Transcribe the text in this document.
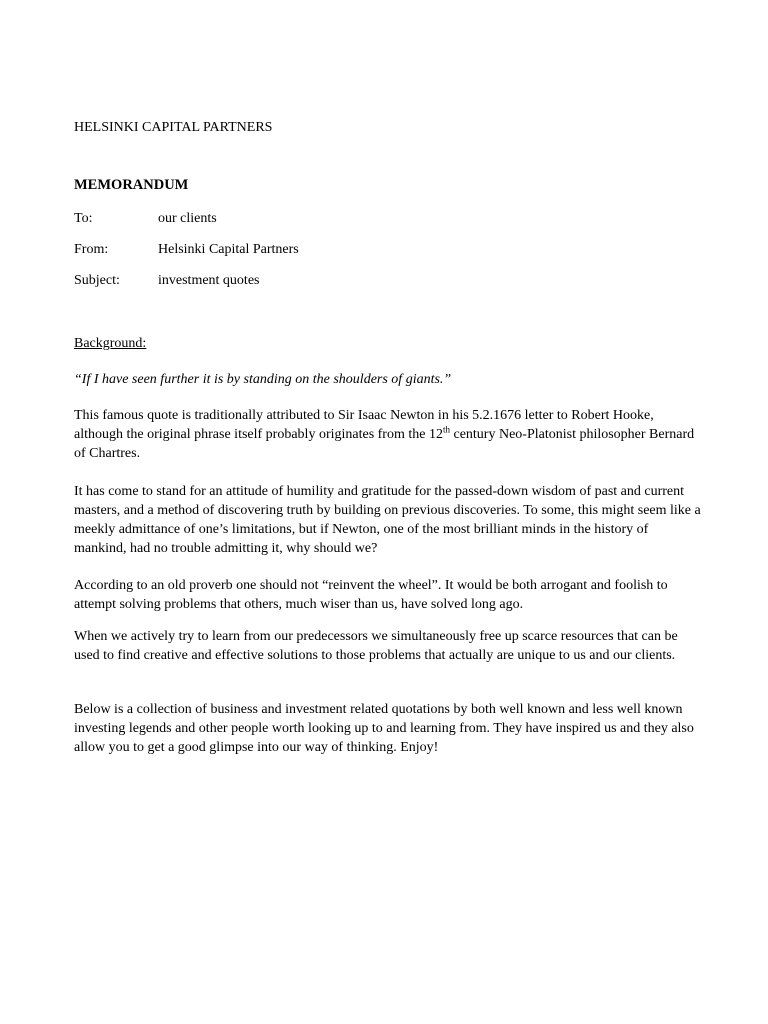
HELSINKI CAPITAL PARTNERS

MEMORANDUM

To:	our clients
From:	Helsinki Capital Partners
Subject:	investment quotes

Background:

“If I have seen further it is by standing on the shoulders of giants.”

This famous quote is traditionally attributed to Sir Isaac Newton in his 5.2.1676 letter to Robert Hooke, although the original phrase itself probably originates from the 12th century Neo-Platonist philosopher Bernard of Chartres.

It has come to stand for an attitude of humility and gratitude for the passed-down wisdom of past and current masters, and a method of discovering truth by building on previous discoveries. To some, this might seem like a meekly admittance of one’s limitations, but if Newton, one of the most brilliant minds in the history of mankind, had no trouble admitting it, why should we?

According to an old proverb one should not “reinvent the wheel”. It would be both arrogant and foolish to attempt solving problems that others, much wiser than us, have solved long ago.

When we actively try to learn from our predecessors we simultaneously free up scarce resources that can be used to find creative and effective solutions to those problems that actually are unique to us and our clients.

Below is a collection of business and investment related quotations by both well known and less well known investing legends and other people worth looking up to and learning from. They have inspired us and they also allow you to get a good glimpse into our way of thinking. Enjoy!
